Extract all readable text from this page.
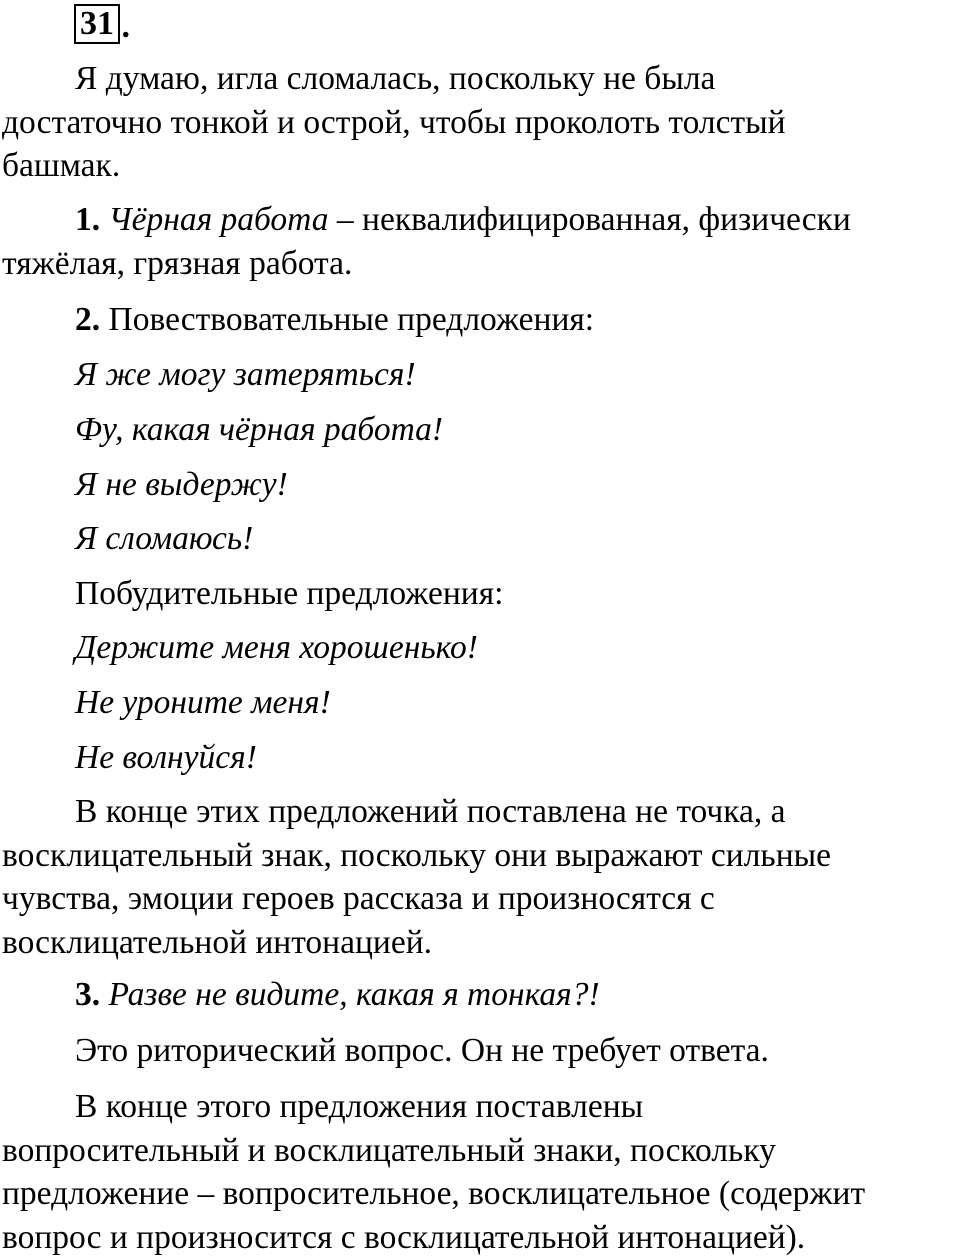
31 .
Я думаю, игла сломалась, поскольку не была
достаточно тонкой и острой, чтобы проколоть толстый
башмак.
1. Чёрная работа – неквалифицированная, физически
тяжёлая, грязная работа.
2. Повествовательные предложения:
Я же могу затеряться!
Фу, какая чёрная работа!
Я не выдержу!
Я сломаюсь!
Побудительные предложения:
Держите меня хорошенько!
Не уроните меня!
Не волнуйся!
В конце этих предложений поставлена не точка, а
восклицательный знак, поскольку они выражают сильные
чувства, эмоции героев рассказа и произносятся с
восклицательной интонацией.
3. Разве не видите, какая я тонкая?!
Это риторический вопрос. Он не требует ответа.
В конце этого предложения поставлены
вопросительный и восклицательный знаки, поскольку
предложение – вопросительное, восклицательное (содержит
вопрос и произносится с восклицательной интонацией).
